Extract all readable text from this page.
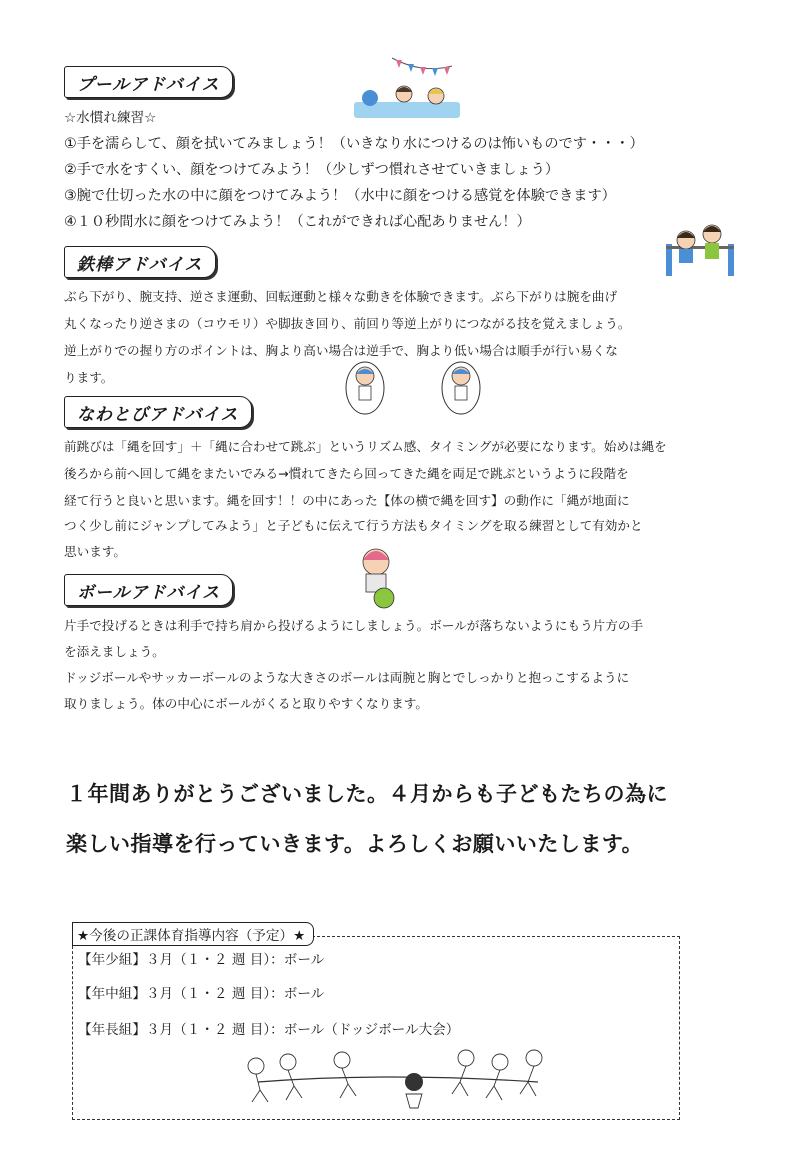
プールアドバイス
☆水慣れ練習☆
①手を濡らして、顔を拭いてみましょう！（いきなり水につけるのは怖いものです・・・）
②手で水をすくい、顔をつけてみよう！（少しずつ慣れさせていきましょう）
③腕で仕切った水の中に顔をつけてみよう！（水中に顔をつける感覚を体験できます）
④１０秒間水に顔をつけてみよう！（これができれば心配ありません！）
鉄棒アドバイス
ぶら下がり、腕支持、逆さま運動、回転運動と様々な動きを体験できます。ぶら下がりは腕を曲げ
丸くなったり逆さまの（コウモリ）や脚抜き回り、前回り等逆上がりにつながる技を覚えましょう。
逆上がりでの握り方のポイントは、胸より高い場合は逆手で、胸より低い場合は順手が行い易くな
ります。
なわとびアドバイス
前跳びは「縄を回す」＋「縄に合わせて跳ぶ」というリズム感、タイミングが必要になります。始めは縄を
後ろから前へ回して縄をまたいでみる→慣れてきたら回ってきた縄を両足で跳ぶというように段階を
経て行うと良いと思います。縄を回す！！の中にあった【体の横で縄を回す】の動作に「縄が地面に
つく少し前にジャンプしてみよう」と子どもに伝えて行う方法もタイミングを取る練習として有効かと
思います。
ボールアドバイス
片手で投げるときは利手で持ち肩から投げるようにしましょう。ボールが落ちないようにもう片方の手
を添えましょう。
ドッジボールやサッカーボールのような大きさのボールは両腕と胸とでしっかりと抱っこするように
取りましょう。体の中心にボールがくると取りやすくなります。
１年間ありがとうございました。４月からも子どもたちの為に
楽しい指導を行っていきます。よろしくお願いいたします。
★今後の正課体育指導内容（予定）★
【年少組】３月（１・２ 週 目）：ボール
【年中組】３月（１・２ 週 目）：ボール
【年長組】３月（１・２ 週 目）：ボール（ドッジボール大会）
